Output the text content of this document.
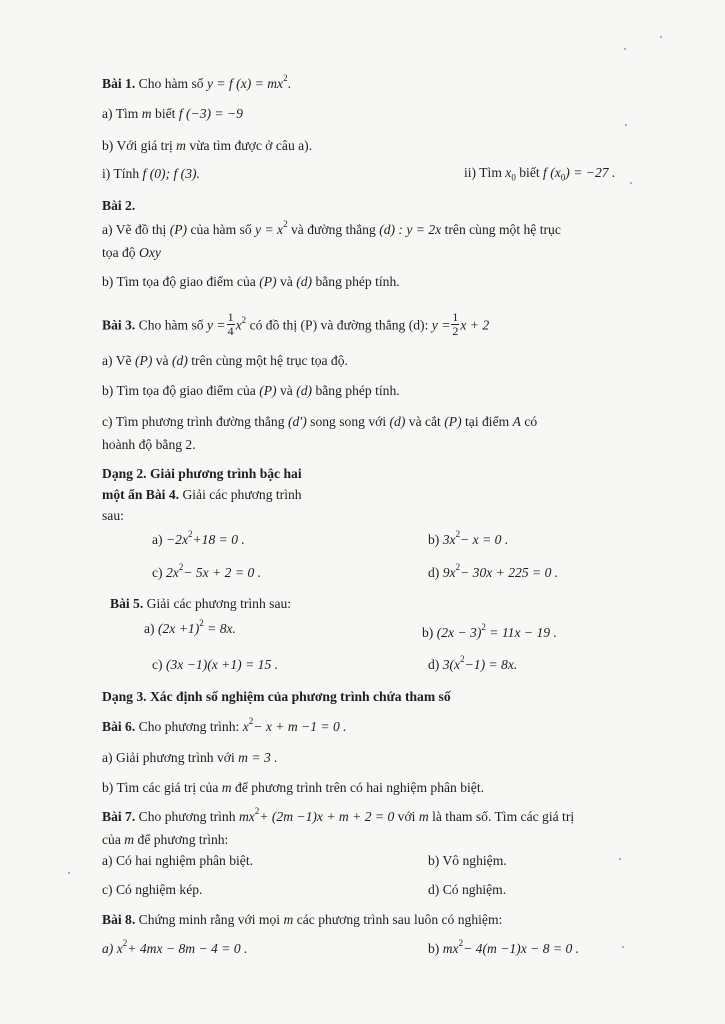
Bài 1. Cho hàm số y = f $(x) = mx^2$.
a) Tìm m biết f (−3) = −9
b) Với giá trị m vừa tìm được ở câu a).
i) Tính f (0); f (3).	ii) Tìm $x_0$ biết f $(x_0) = -27$ .
Bài 2.
a) Vẽ đồ thị (P) của hàm số $y = x^2$ và đường thẳng (d) : y = 2x trên cùng một hệ trục
tọa độ Oxy
b) Tìm tọa độ giao điểm của (P) và (d) bằng phép tính.
Bài 3. Cho hàm số $y = \frac{1}{4} x^2$ có đồ thị (P) và đường thẳng (d): $y = \frac{1}{2}$ x + 2
a) Vẽ (P) và (d) trên cùng một hệ trục tọa độ.
b) Tìm tọa độ giao điểm của (P) và (d) bằng phép tính.
c) Tìm phương trình đường thẳng (d′) song song với (d) và cắt (P) tại điểm A có
hoành độ bằng 2.
Dạng 2. Giải phương trình bậc hai
một ẩn Bài 4. Giải các phương trình
sau:
$a) -2x^2+18 = 0$ .	b) $3x^2- x = 0$ .
c) $2x^2- 5x + 2 = 0$ .	d) $9x^2- 30x + 225 = 0$ .
Bài 5. Giải các phương trình sau:
a) $(2x +1)^2 = 8x$.	b) $(2x - 3)^2 = 11x - 19$ .
c) (3x −1)(x +1) = 15 .	d) $3(x^2-1) = 8x$.
Dạng 3. Xác định số nghiệm của phương trình chứa tham số
Bài 6. Cho phương trình: $x^2- x + m -1 = 0$ .
a) Giải phương trình với m = 3 .
b) Tìm các giá trị của m để phương trình trên có hai nghiệm phân biệt.
Bài 7. Cho phương trình $mx^2+ (2m -1)x + m + 2 = 0$ với m là tham số. Tìm các giá trị
của m để phương trình:
a) Có hai nghiệm phân biệt.	b) Vô nghiệm.
c) Có nghiệm kép.	d) Có nghiệm.
Bài 8. Chứng minh rằng với mọi m các phương trình sau luôn có nghiệm:
a) $x^2+ 4mx - 8m - 4 = 0$ .	b) $mx^2- 4(m -1)x - 8 = 0$ .
